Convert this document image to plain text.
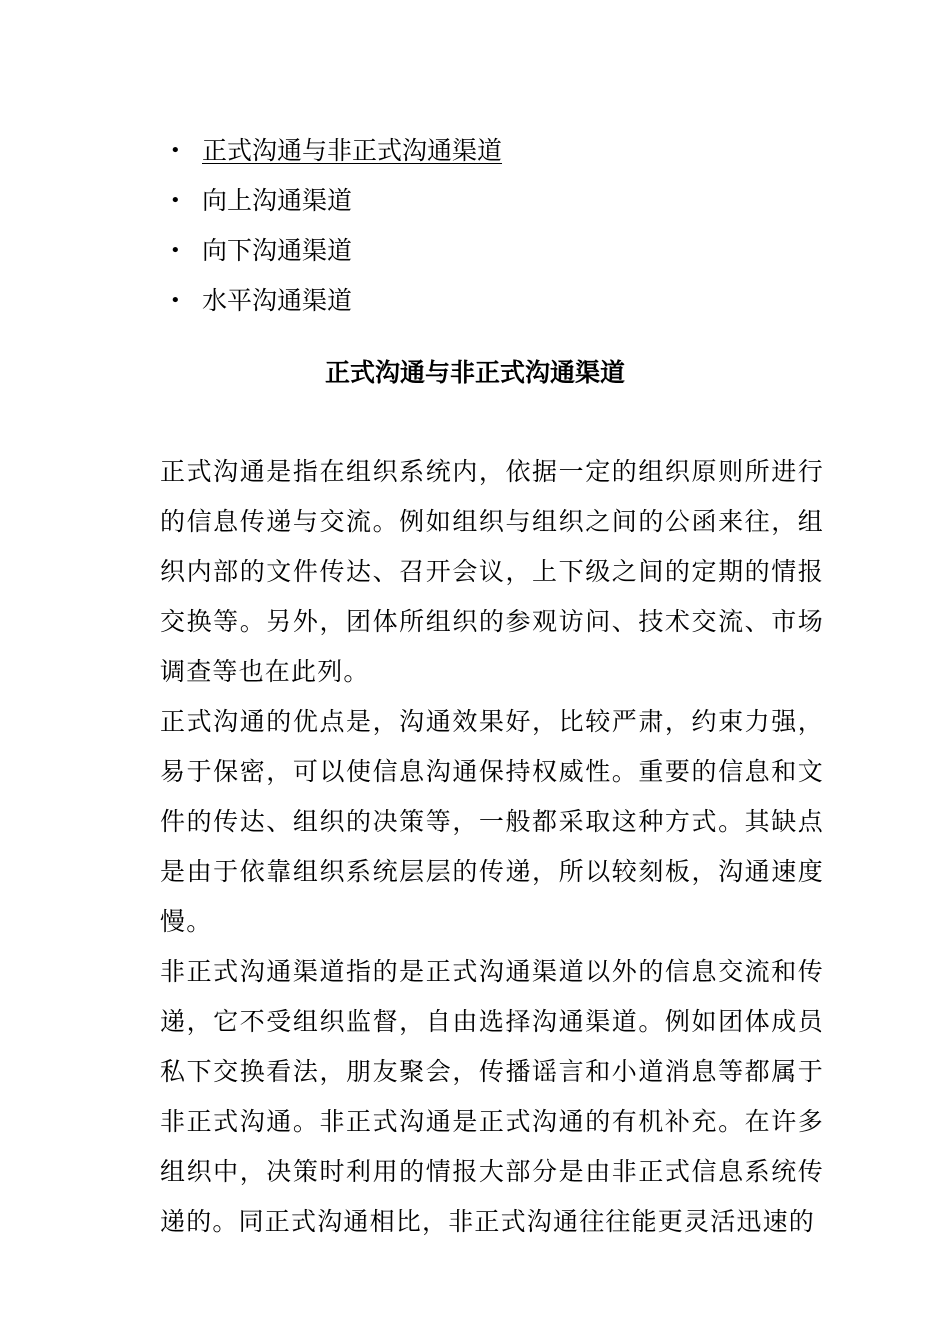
• 正式沟通与非正式沟通渠道
• 向上沟通渠道
• 向下沟通渠道
• 水平沟通渠道
正式沟通与非正式沟通渠道

正式沟通是指在组织系统内，依据一定的组织原则所进行的信息传递与交流。例如组织与组织之间的公函来往，组织内部的文件传达、召开会议，上下级之间的定期的情报交换等。另外，团体所组织的参观访问、技术交流、市场调查等也在此列。

正式沟通的优点是，沟通效果好，比较严肃，约束力强，易于保密，可以使信息沟通保持权威性。重要的信息和文件的传达、组织的决策等，一般都采取这种方式。其缺点是由于依靠组织系统层层的传递，所以较刻板，沟通速度慢。

非正式沟通渠道指的是正式沟通渠道以外的信息交流和传递，它不受组织监督，自由选择沟通渠道。例如团体成员私下交换看法，朋友聚会，传播谣言和小道消息等都属于非正式沟通。非正式沟通是正式沟通的有机补充。在许多组织中，决策时利用的情报大部分是由非正式信息系统传递的。同正式沟通相比，非正式沟通往往能更灵活迅速的
